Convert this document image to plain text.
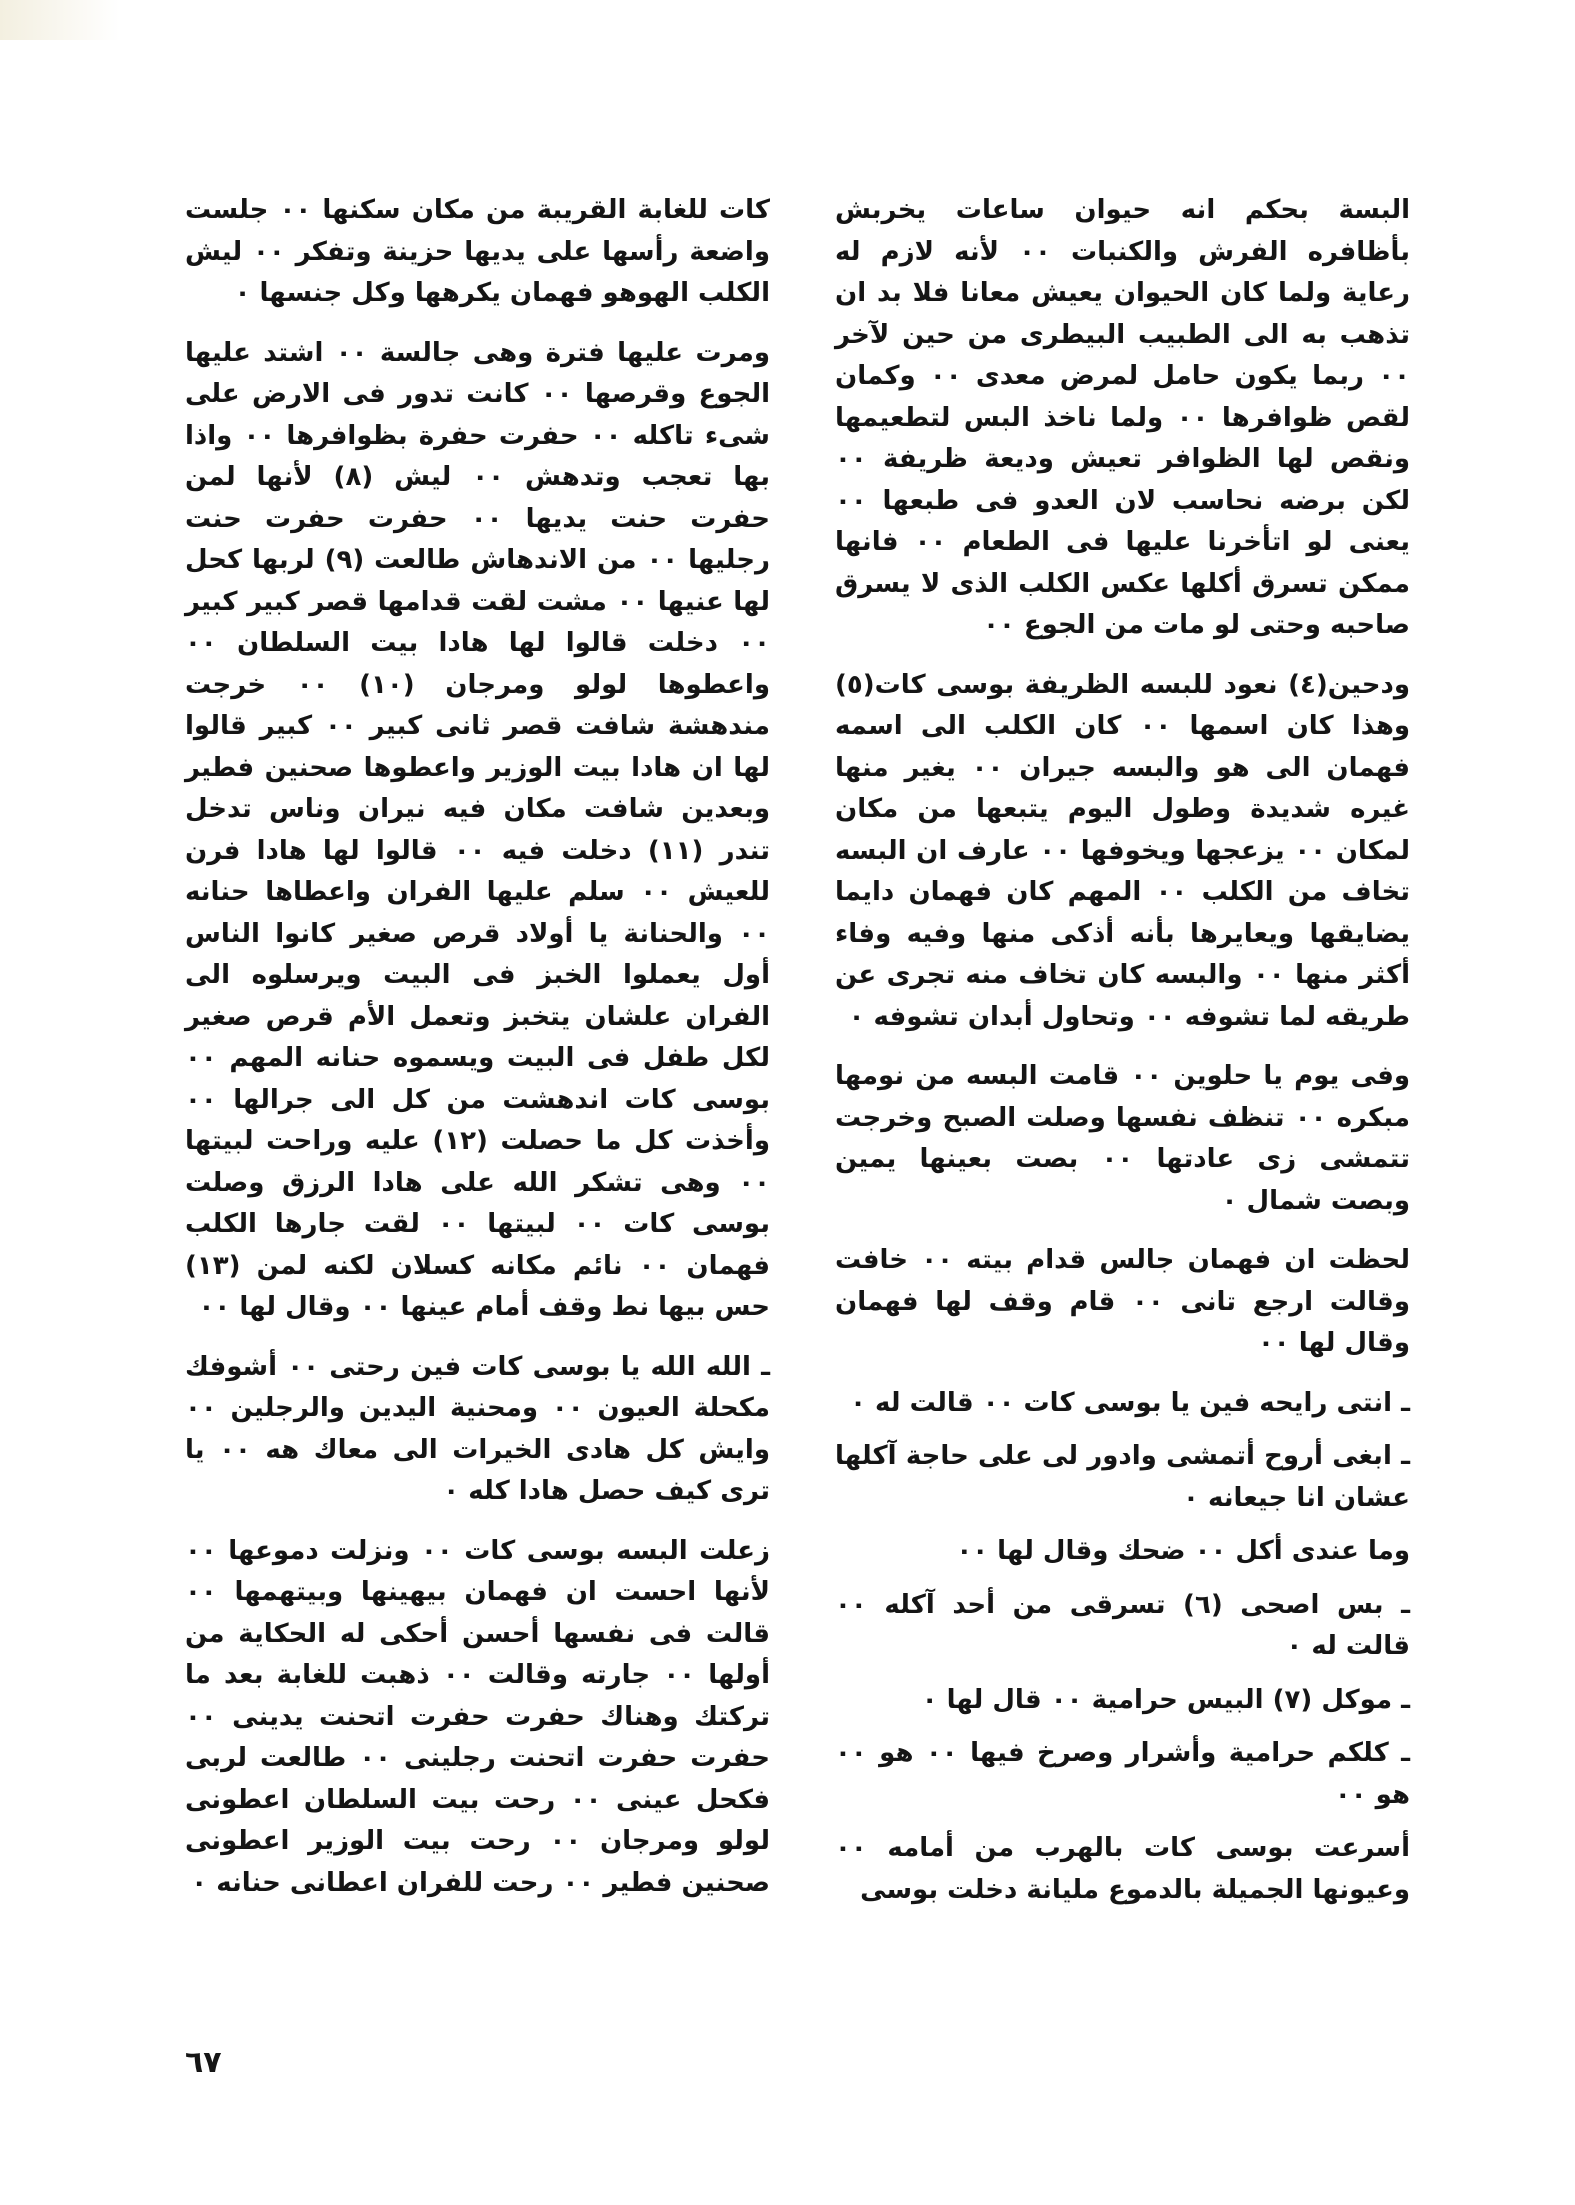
البسة بحكم انه حيوان ساعات يخربش بأظافره الفرش والكنبات ٠٠ لأنه لازم له رعاية ولما كان الحيوان يعيش معانا فلا بد ان تذهب به الى الطبيب البيطرى من حين لآخر ٠٠ ربما يكون حامل لمرض معدى ٠٠ وكمان لقص ظوافرها ٠٠ ولما ناخذ البس لتطعيمها ونقص لها الظوافر تعيش وديعة ظريفة ٠٠ لكن برضه نحاسب لان العدو فى طبعها ٠٠ يعنى لو اتأخرنا عليها فى الطعام ٠٠ فانها ممكن تسرق أكلها عكس الكلب الذى لا يسرق صاحبه وحتى لو مات من الجوع ٠٠

ودحين(٤) نعود للبسه الظريفة بوسى كات(٥) وهذا كان اسمها ٠٠ كان الكلب الى اسمه فهمان الى هو والبسه جيران ٠٠ يغير منها غيره شديدة وطول اليوم يتبعها من مكان لمكان ٠٠ يزعجها ويخوفها ٠٠ عارف ان البسه تخاف من الكلب ٠٠ المهم كان فهمان دايما يضايقها ويعايرها بأنه أذكى منها وفيه وفاء أكثر منها ٠٠ والبسه كان تخاف منه تجرى عن طريقه لما تشوفه ٠٠ وتحاول أبدان تشوفه ٠

وفى يوم يا حلوين ٠٠ قامت البسه من نومها مبكره ٠٠ تنظف نفسها وصلت الصبح وخرجت تتمشى زى عادتها ٠٠ بصت بعينها يمين وبصت شمال ٠

لحظت ان فهمان جالس قدام بيته ٠٠ خافت وقالت ارجع تانى ٠٠ قام وقف لها فهمان وقال لها ٠٠

ـ انتى رايحه فين يا بوسى كات ٠٠ قالت له ٠

ـ ابغى أروح أتمشى وادور لى على حاجة آكلها عشان انا جيعانه ٠

وما عندى أكل ٠٠ ضحك وقال لها ٠٠

ـ بس اصحى (٦) تسرقى من أحد آكله ٠٠ قالت له ٠

ـ موكل (٧) البيس حرامية ٠٠ قال لها ٠

ـ كلكم حرامية وأشرار وصرخ فيها ٠٠ هو ٠٠ هو ٠٠

أسرعت بوسى كات بالهرب من أمامه ٠٠ وعيونها الجميلة بالدموع مليانة دخلت بوسى

كات للغابة القريبة من مكان سكنها ٠٠ جلست واضعة رأسها على يديها حزينة وتفكر ٠٠ ليش الكلب الهوهو فهمان يكرهها وكل جنسها ٠

ومرت عليها فترة وهى جالسة ٠٠ اشتد عليها الجوع وقرصها ٠٠ كانت تدور فى الارض على شىء تاكله ٠٠ حفرت حفرة بظوافرها ٠٠ واذا بها تعجب وتدهش ٠٠ ليش (٨) لأنها لمن حفرت حنت يديها ٠٠ حفرت حفرت حنت رجليها ٠٠ من الاندهاش طالعت (٩) لربها كحل لها عنيها ٠٠ مشت لقت قدامها قصر كبير كبير ٠٠ دخلت قالوا لها هادا بيت السلطان ٠٠ واعطوها لولو ومرجان (١٠) ٠٠ خرجت مندهشة شافت قصر ثانى كبير ٠٠ كبير قالوا لها ان هادا بيت الوزير واعطوها صحنين فطير وبعدين شافت مكان فيه نيران وناس تدخل تندر (١١) دخلت فيه ٠٠ قالوا لها هادا فرن للعيش ٠٠ سلم عليها الفران واعطاها حنانه ٠٠ والحنانة يا أولاد قرص صغير كانوا الناس أول يعملوا الخبز فى البيت ويرسلوه الى الفران علشان يتخبز وتعمل الأم قرص صغير لكل طفل فى البيت ويسموه حنانه المهم ٠٠ بوسى كات اندهشت من كل الى جرالها ٠٠ وأخذت كل ما حصلت (١٢) عليه وراحت لبيتها ٠٠ وهى تشكر الله على هادا الرزق وصلت بوسى كات ٠٠ لبيتها ٠٠ لقت جارها الكلب فهمان ٠٠ نائم مكانه كسلان لكنه لمن (١٣) حس بيها نط وقف أمام عينها ٠٠ وقال لها ٠٠

ـ الله الله يا بوسى كات فين رحتى ٠٠ أشوفك مكحلة العيون ٠٠ ومحنية اليدين والرجلين ٠٠ وايش كل هادى الخيرات الى معاك هه ٠٠ يا ترى كيف حصل هادا كله ٠

زعلت البسه بوسى كات ٠٠ ونزلت دموعها ٠٠ لأنها احست ان فهمان بيهينها وبيتهمها ٠٠ قالت فى نفسها أحسن أحكى له الحكاية من أولها ٠٠ جارته وقالت ٠٠ ذهبت للغابة بعد ما تركتك وهناك حفرت حفرت اتحنت يدينى ٠٠ حفرت حفرت اتحنت رجلينى ٠٠ طالعت لربى فكحل عينى ٠٠ رحت بيت السلطان اعطونى لولو ومرجان ٠٠ رحت بيت الوزير اعطونى صحنين فطير ٠٠ رحت للفران اعطانى حنانه ٠

٦٧
